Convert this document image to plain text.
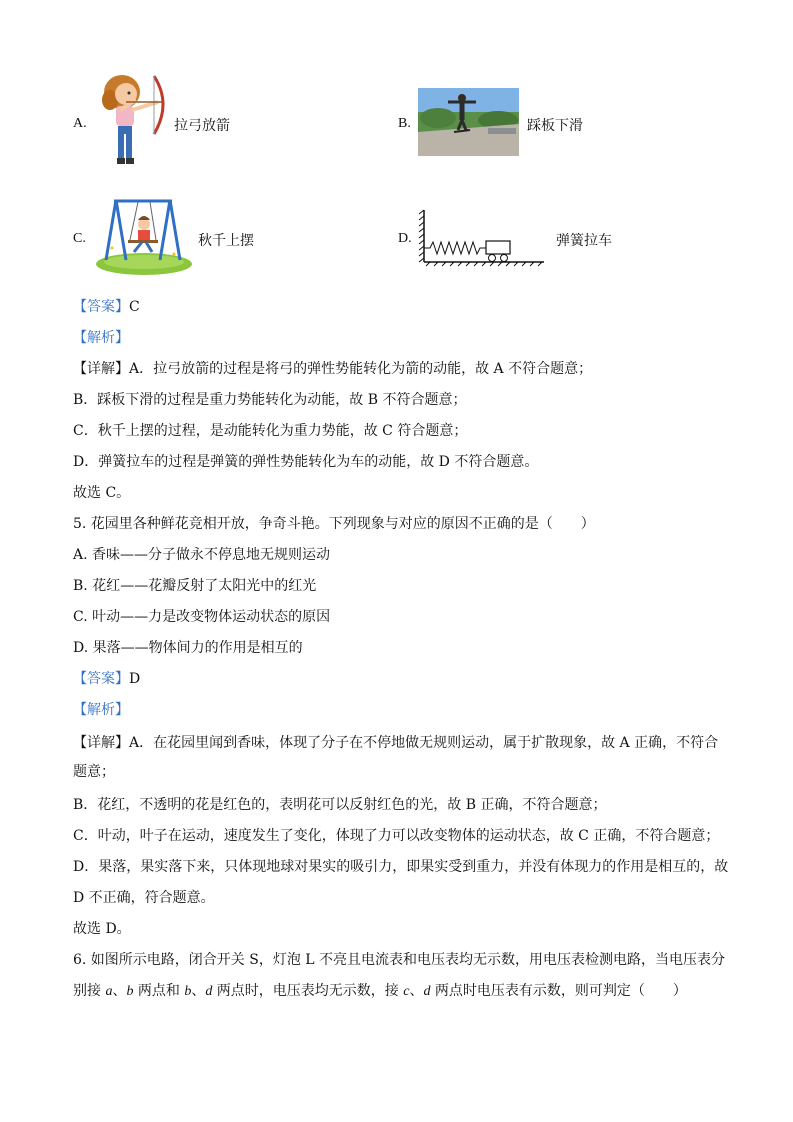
A.	拉弓放箭	B.	踩板下滑
C.	秋千上摆	D.	弹簧拉车
【答案】C
【解析】
【详解】A．拉弓放箭的过程是将弓的弹性势能转化为箭的动能，故 A 不符合题意；
B．踩板下滑的过程是重力势能转化为动能，故 B 不符合题意；
C．秋千上摆的过程，是动能转化为重力势能，故 C 符合题意；
D．弹簧拉车的过程是弹簧的弹性势能转化为车的动能，故 D 不符合题意。
故选 C。
5. 花园里各种鲜花竞相开放，争奇斗艳。下列现象与对应的原因不正确的是（　　）
A. 香味——分子做永不停息地无规则运动
B. 花红——花瓣反射了太阳光中的红光
C. 叶动——力是改变物体运动状态的原因
D. 果落——物体间力的作用是相互的
【答案】D
【解析】
【详解】A．在花园里闻到香味，体现了分子在不停地做无规则运动，属于扩散现象，故 A 正确，不符合
题意；
B．花红，不透明的花是红色的，表明花可以反射红色的光，故 B 正确，不符合题意；
C．叶动，叶子在运动，速度发生了变化，体现了力可以改变物体的运动状态，故 C 正确，不符合题意；
D．果落，果实落下来，只体现地球对果实的吸引力，即果实受到重力，并没有体现力的作用是相互的，故
D 不正确，符合题意。
故选 D。
6. 如图所示电路，闭合开关 S，灯泡 L 不亮且电流表和电压表均无示数，用电压表检测电路，当电压表分
别接 a、b 两点和 b、d 两点时，电压表均无示数，接 c、d 两点时电压表有示数，则可判定（　　）
